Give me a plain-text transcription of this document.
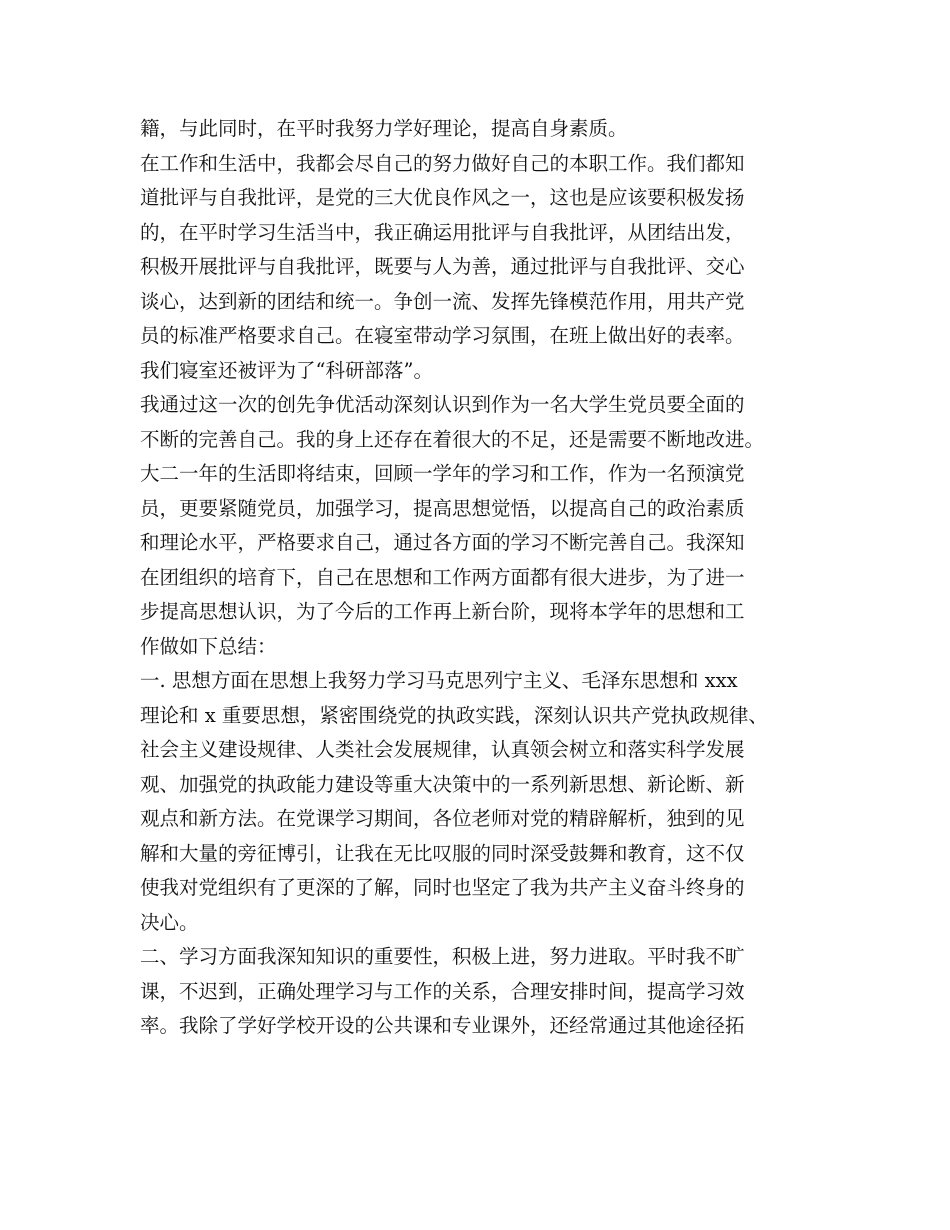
籍，与此同时，在平时我努力学好理论，提高自身素质。
在工作和生活中，我都会尽自己的努力做好自己的本职工作。我们都知
道批评与自我批评，是党的三大优良作风之一，这也是应该要积极发扬
的，在平时学习生活当中，我正确运用批评与自我批评，从团结出发，
积极开展批评与自我批评，既要与人为善，通过批评与自我批评、交心
谈心，达到新的团结和统一。争创一流、发挥先锋模范作用，用共产党
员的标准严格要求自己。在寝室带动学习氛围，在班上做出好的表率。
我们寝室还被评为了“科研部落”。
我通过这一次的创先争优活动深刻认识到作为一名大学生党员要全面的
不断的完善自己。我的身上还存在着很大的不足，还是需要不断地改进。
大二一年的生活即将结束，回顾一学年的学习和工作，作为一名预演党
员，更要紧随党员，加强学习，提高思想觉悟，以提高自己的政治素质
和理论水平，严格要求自己，通过各方面的学习不断完善自己。我深知
在团组织的培育下，自己在思想和工作两方面都有很大进步，为了进一
步提高思想认识，为了今后的工作再上新台阶，现将本学年的思想和工
作做如下总结：
一. 思想方面在思想上我努力学习马克思列宁主义、毛泽东思想和 xxx
理论和 x 重要思想，紧密围绕党的执政实践，深刻认识共产党执政规律、
社会主义建设规律、人类社会发展规律，认真领会树立和落实科学发展
观、加强党的执政能力建设等重大决策中的一系列新思想、新论断、新
观点和新方法。在党课学习期间，各位老师对党的精辟解析，独到的见
解和大量的旁征博引，让我在无比叹服的同时深受鼓舞和教育，这不仅
使我对党组织有了更深的了解，同时也坚定了我为共产主义奋斗终身的
决心。
二、学习方面我深知知识的重要性，积极上进，努力进取。平时我不旷
课，不迟到，正确处理学习与工作的关系，合理安排时间，提高学习效
率。我除了学好学校开设的公共课和专业课外，还经常通过其他途径拓
